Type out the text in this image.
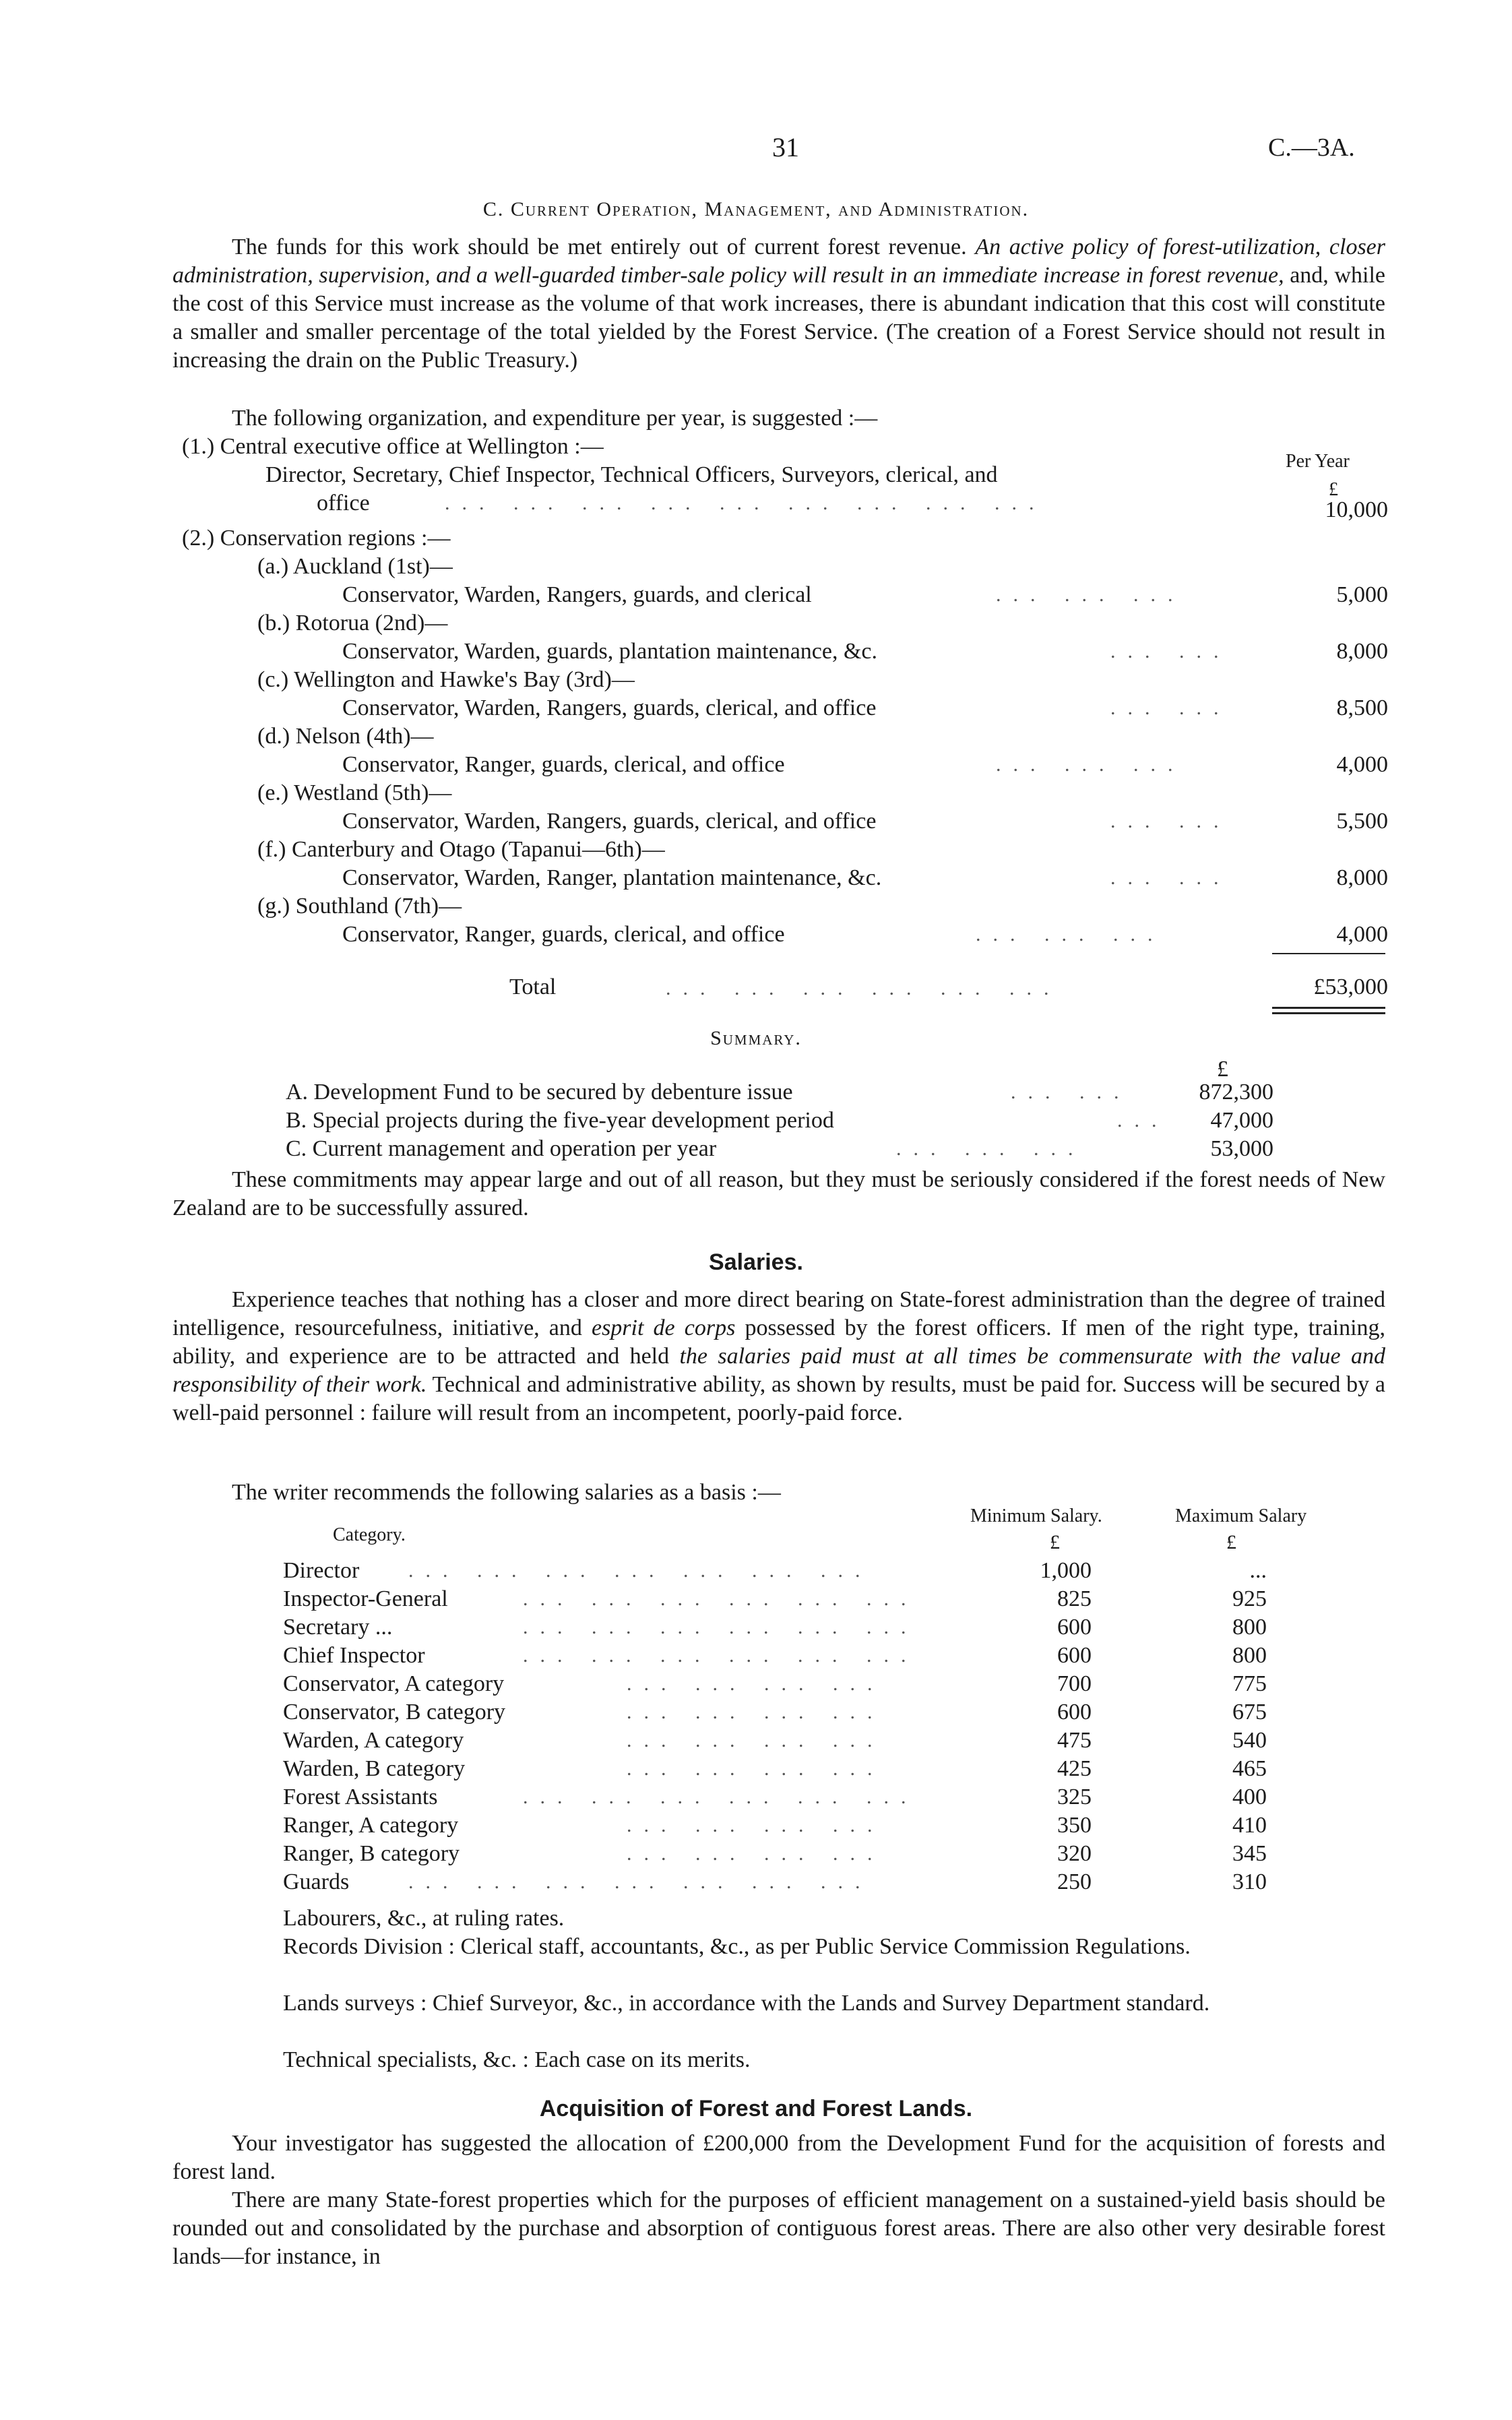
31	C.—3A.
C. Current Operation, Management, and Administration.

The funds for this work should be met entirely out of current forest revenue. An active policy of forest-utilization, closer administration, supervision, and a well-guarded timber-sale policy will result in an immediate increase in forest revenue, and, while the cost of this Service must increase as the volume of that work increases, there is abundant indication that this cost will constitute a smaller and smaller percentage of the total yielded by the Forest Service. (The creation of a Forest Service should not result in increasing the drain on the Public Treasury.)

The following organization, and expenditure per year, is suggested :—
Per Year
£
(1.) Central executive office at Wellington :—
Director, Secretary, Chief Inspector, Technical Officers, Surveyors, clerical, and
office	... ... ... ... ... ... ... ... ...	10,000
(2.) Conservation regions :—
(a.) Auckland (1st)—
Conservator, Warden, Rangers, guards, and clerical	... ... ...	5,000
(b.) Rotorua (2nd)—
Conservator, Warden, guards, plantation maintenance, &c.	... ...	8,000
(c.) Wellington and Hawke's Bay (3rd)—
Conservator, Warden, Rangers, guards, clerical, and office	... ...	8,500
(d.) Nelson (4th)—
Conservator, Ranger, guards, clerical, and office	... ... ...	4,000
(e.) Westland (5th)—
Conservator, Warden, Rangers, guards, clerical, and office	... ...	5,500
(f.) Canterbury and Otago (Tapanui—6th)—
Conservator, Warden, Ranger, plantation maintenance, &c.	... ...	8,000
(g.) Southland (7th)—
Conservator, Ranger, guards, clerical, and office	... ... ...	4,000
Total	... ... ... ... ... ...	£53,000
Summary.
£
A. Development Fund to be secured by debenture issue	... ...	872,300
B. Special projects during the five-year development period	...	47,000
C. Current management and operation per year	... ... ...	53,000

These commitments may appear large and out of all reason, but they must be seriously considered if the forest needs of New Zealand are to be successfully assured.

Salaries.

Experience teaches that nothing has a closer and more direct bearing on State-forest administration than the degree of trained intelligence, resourcefulness, initiative, and esprit de corps possessed by the forest officers. If men of the right type, training, ability, and experience are to be attracted and held the salaries paid must at all times be commensurate with the value and responsibility of their work. Technical and administrative ability, as shown by results, must be paid for. Success will be secured by a well-paid personnel : failure will result from an incompetent, poorly-paid force.

The writer recommends the following salaries as a basis :—
Category.
Minimum Salary.	Maximum Salary
£	£
Director ... ... ... ... ... ... ...	1,000	...
Inspector-General	... ... ... ... ... ...	825	925
Secretary ...	... ... ... ... ... ...	600	800
Chief Inspector	... ... ... ... ... ...	600	800
Conservator, A category	... ... ... ...	700	775
Conservator, B category	... ... ... ...	600	675
Warden, A category	... ... ... ...	475	540
Warden, B category	... ... ... ...	425	465
Forest Assistants	... ... ... ... ... ...	325	400
Ranger, A category	... ... ... ...	350	410
Ranger, B category	... ... ... ...	320	345
Guards	... ... ... ... ... ... ...	250	310
Labourers, &c., at ruling rates.
Records Division : Clerical staff, accountants, &c., as per Public Service Commission Regulations.
Lands surveys : Chief Surveyor, &c., in accordance with the Lands and Survey Department standard.
Technical specialists, &c. : Each case on its merits.
Acquisition of Forest and Forest Lands.

Your investigator has suggested the allocation of £200,000 from the Development Fund for the acquisition of forests and forest land.

There are many State-forest properties which for the purposes of efficient management on a sustained-yield basis should be rounded out and consolidated by the purchase and absorption of contiguous forest areas. There are also other very desirable forest lands—for instance, in
